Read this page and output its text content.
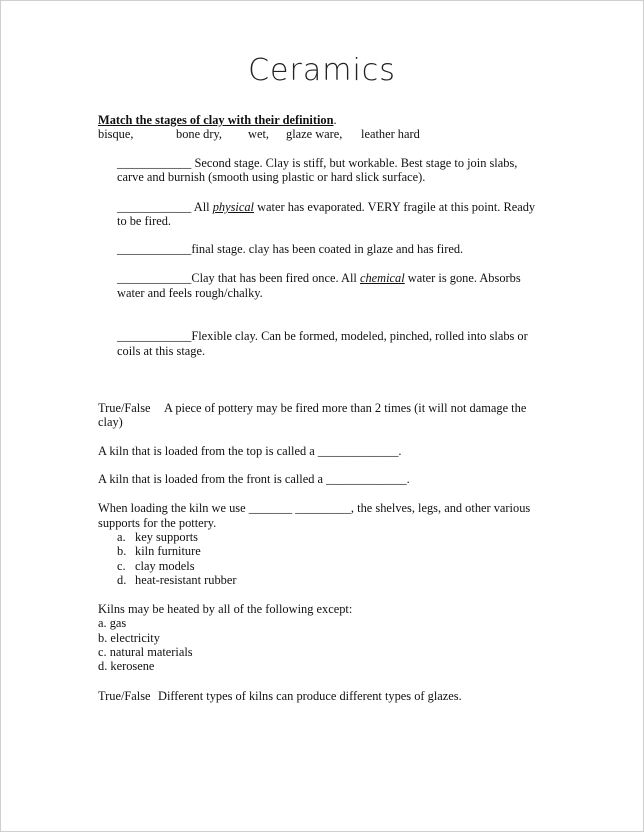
Ceramics
Match the stages of clay with their definition.
bisque,	bone dry, wet, glaze ware, leather hard
____________ Second stage. Clay is stiff, but workable. Best stage to join slabs,
carve and burnish (smooth using plastic or hard slick surface).
____________ All physical water has evaporated. VERY fragile at this point. Ready
to be fired.
____________final stage. clay has been coated in glaze and has fired.
____________Clay that has been fired once. All chemical water is gone. Absorbs
water and feels rough/chalky.
____________Flexible clay. Can be formed, modeled, pinched, rolled into slabs or
coils at this stage.
True/False A piece of pottery may be fired more than 2 times (it will not damage the
clay)
A kiln that is loaded from the top is called a _____________.
A kiln that is loaded from the front is called a _____________.
When loading the kiln we use _______ _________, the shelves, legs, and other various
supports for the pottery.
a. key supports
b. kiln furniture
c. clay models
d. heat-resistant rubber
Kilns may be heated by all of the following except:
a. gas
b. electricity
c. natural materials
d. kerosene
True/False Different types of kilns can produce different types of glazes.
